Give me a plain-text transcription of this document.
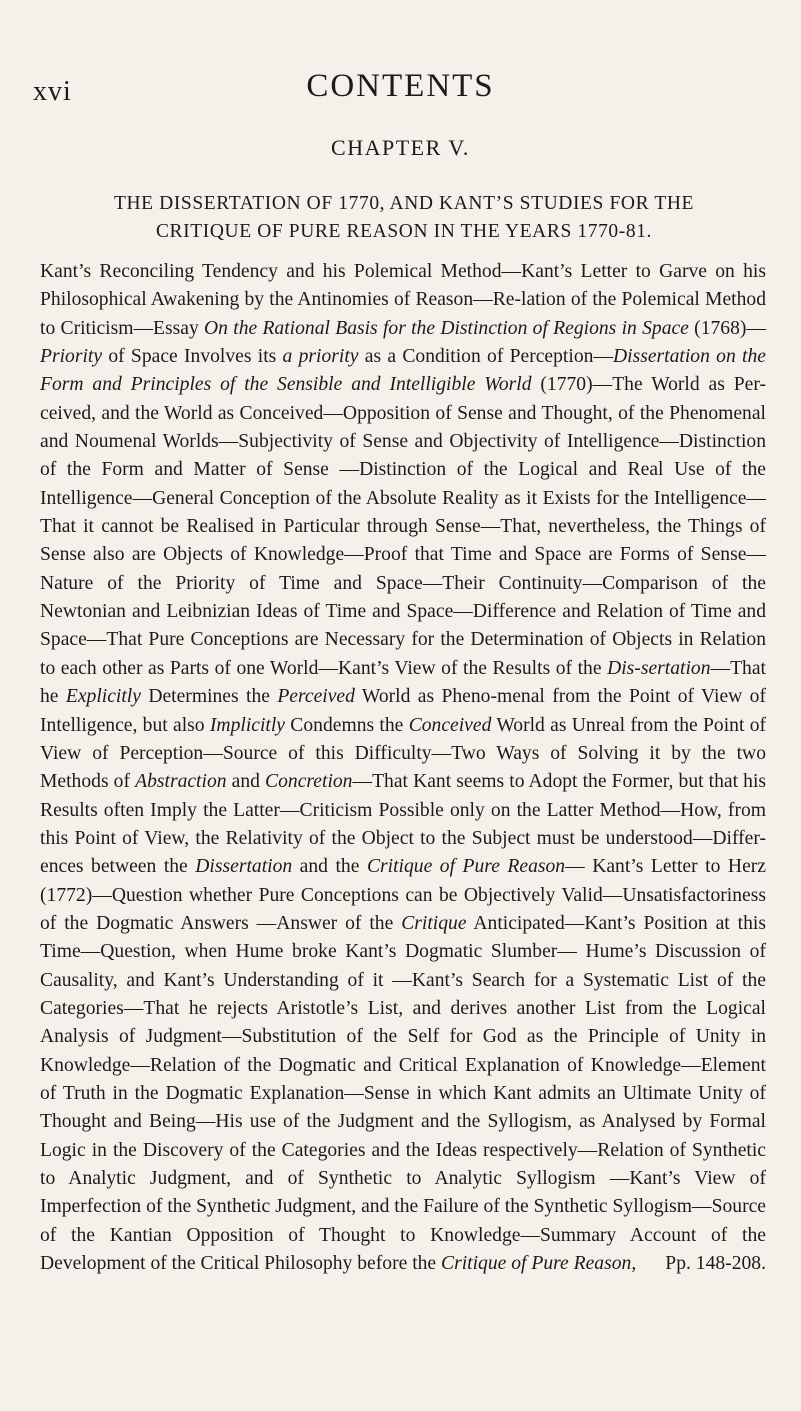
xvi	CONTENTS
CHAPTER V.
THE DISSERTATION OF 1770, AND KANT’S STUDIES FOR THE
CRITIQUE OF PURE REASON IN THE YEARS 1770-81.
Kant’s Reconciling Tendency and his Polemical Method—Kant’s Letter to Garve on his Philosophical Awakening by the Antinomies of Reason—Re-lation of the Polemical Method to Criticism—Essay On the Rational Basis for the Distinction of Regions in Space (1768)—Priority of Space Involves its a priority as a Condition of Perception—Dissertation on the Form and Principles of the Sensible and Intelligible World (1770)—The World as Per-ceived, and the World as Conceived—Opposition of Sense and Thought, of the Phenomenal and Noumenal Worlds—Subjectivity of Sense and Objectivity of Intelligence—Distinction of the Form and Matter of Sense —Distinction of the Logical and Real Use of the Intelligence—General Conception of the Absolute Reality as it Exists for the Intelligence—That it cannot be Realised in Particular through Sense—That, nevertheless, the Things of Sense also are Objects of Knowledge—Proof that Time and Space are Forms of Sense—Nature of the Priority of Time and Space—Their Continuity—Comparison of the Newtonian and Leibnizian Ideas of Time and Space—Difference and Relation of Time and Space—That Pure Conceptions are Necessary for the Determination of Objects in Relation to each other as Parts of one World—Kant’s View of the Results of the Dis-sertation—That he Explicitly Determines the Perceived World as Pheno-menal from the Point of View of Intelligence, but also Implicitly Condemns the Conceived World as Unreal from the Point of View of Perception—Source of this Difficulty—Two Ways of Solving it by the two Methods of Abstraction and Concretion—That Kant seems to Adopt the Former, but that his Results often Imply the Latter—Criticism Possible only on the Latter Method—How, from this Point of View, the Relativity of the Object to the Subject must be understood—Differ-ences between the Dissertation and the Critique of Pure Reason— Kant’s Letter to Herz (1772)—Question whether Pure Conceptions can be Objectively Valid—Unsatisfactoriness of the Dogmatic Answers —Answer of the Critique Anticipated—Kant’s Position at this Time—Question, when Hume broke Kant’s Dogmatic Slumber— Hume’s Discussion of Causality, and Kant’s Understanding of it —Kant’s Search for a Systematic List of the Categories—That he rejects Aristotle’s List, and derives another List from the Logical Analysis of Judgment—Substitution of the Self for God as the Principle of Unity in Knowledge—Relation of the Dogmatic and Critical Explanation of Knowledge—Element of Truth in the Dogmatic Explanation—Sense in which Kant admits an Ultimate Unity of Thought and Being—His use of the Judgment and the Syllogism, as Analysed by Formal Logic in the Discovery of the Categories and the Ideas respectively—Relation of Synthetic to Analytic Judgment, and of Synthetic to Analytic Syllogism —Kant’s View of Imperfection of the Synthetic Judgment, and the Failure of the Synthetic Syllogism—Source of the Kantian Opposition of Thought to Knowledge—Summary Account of the Development of the Critical Philosophy before the Critique of Pure Reason, Pp. 148-208.
